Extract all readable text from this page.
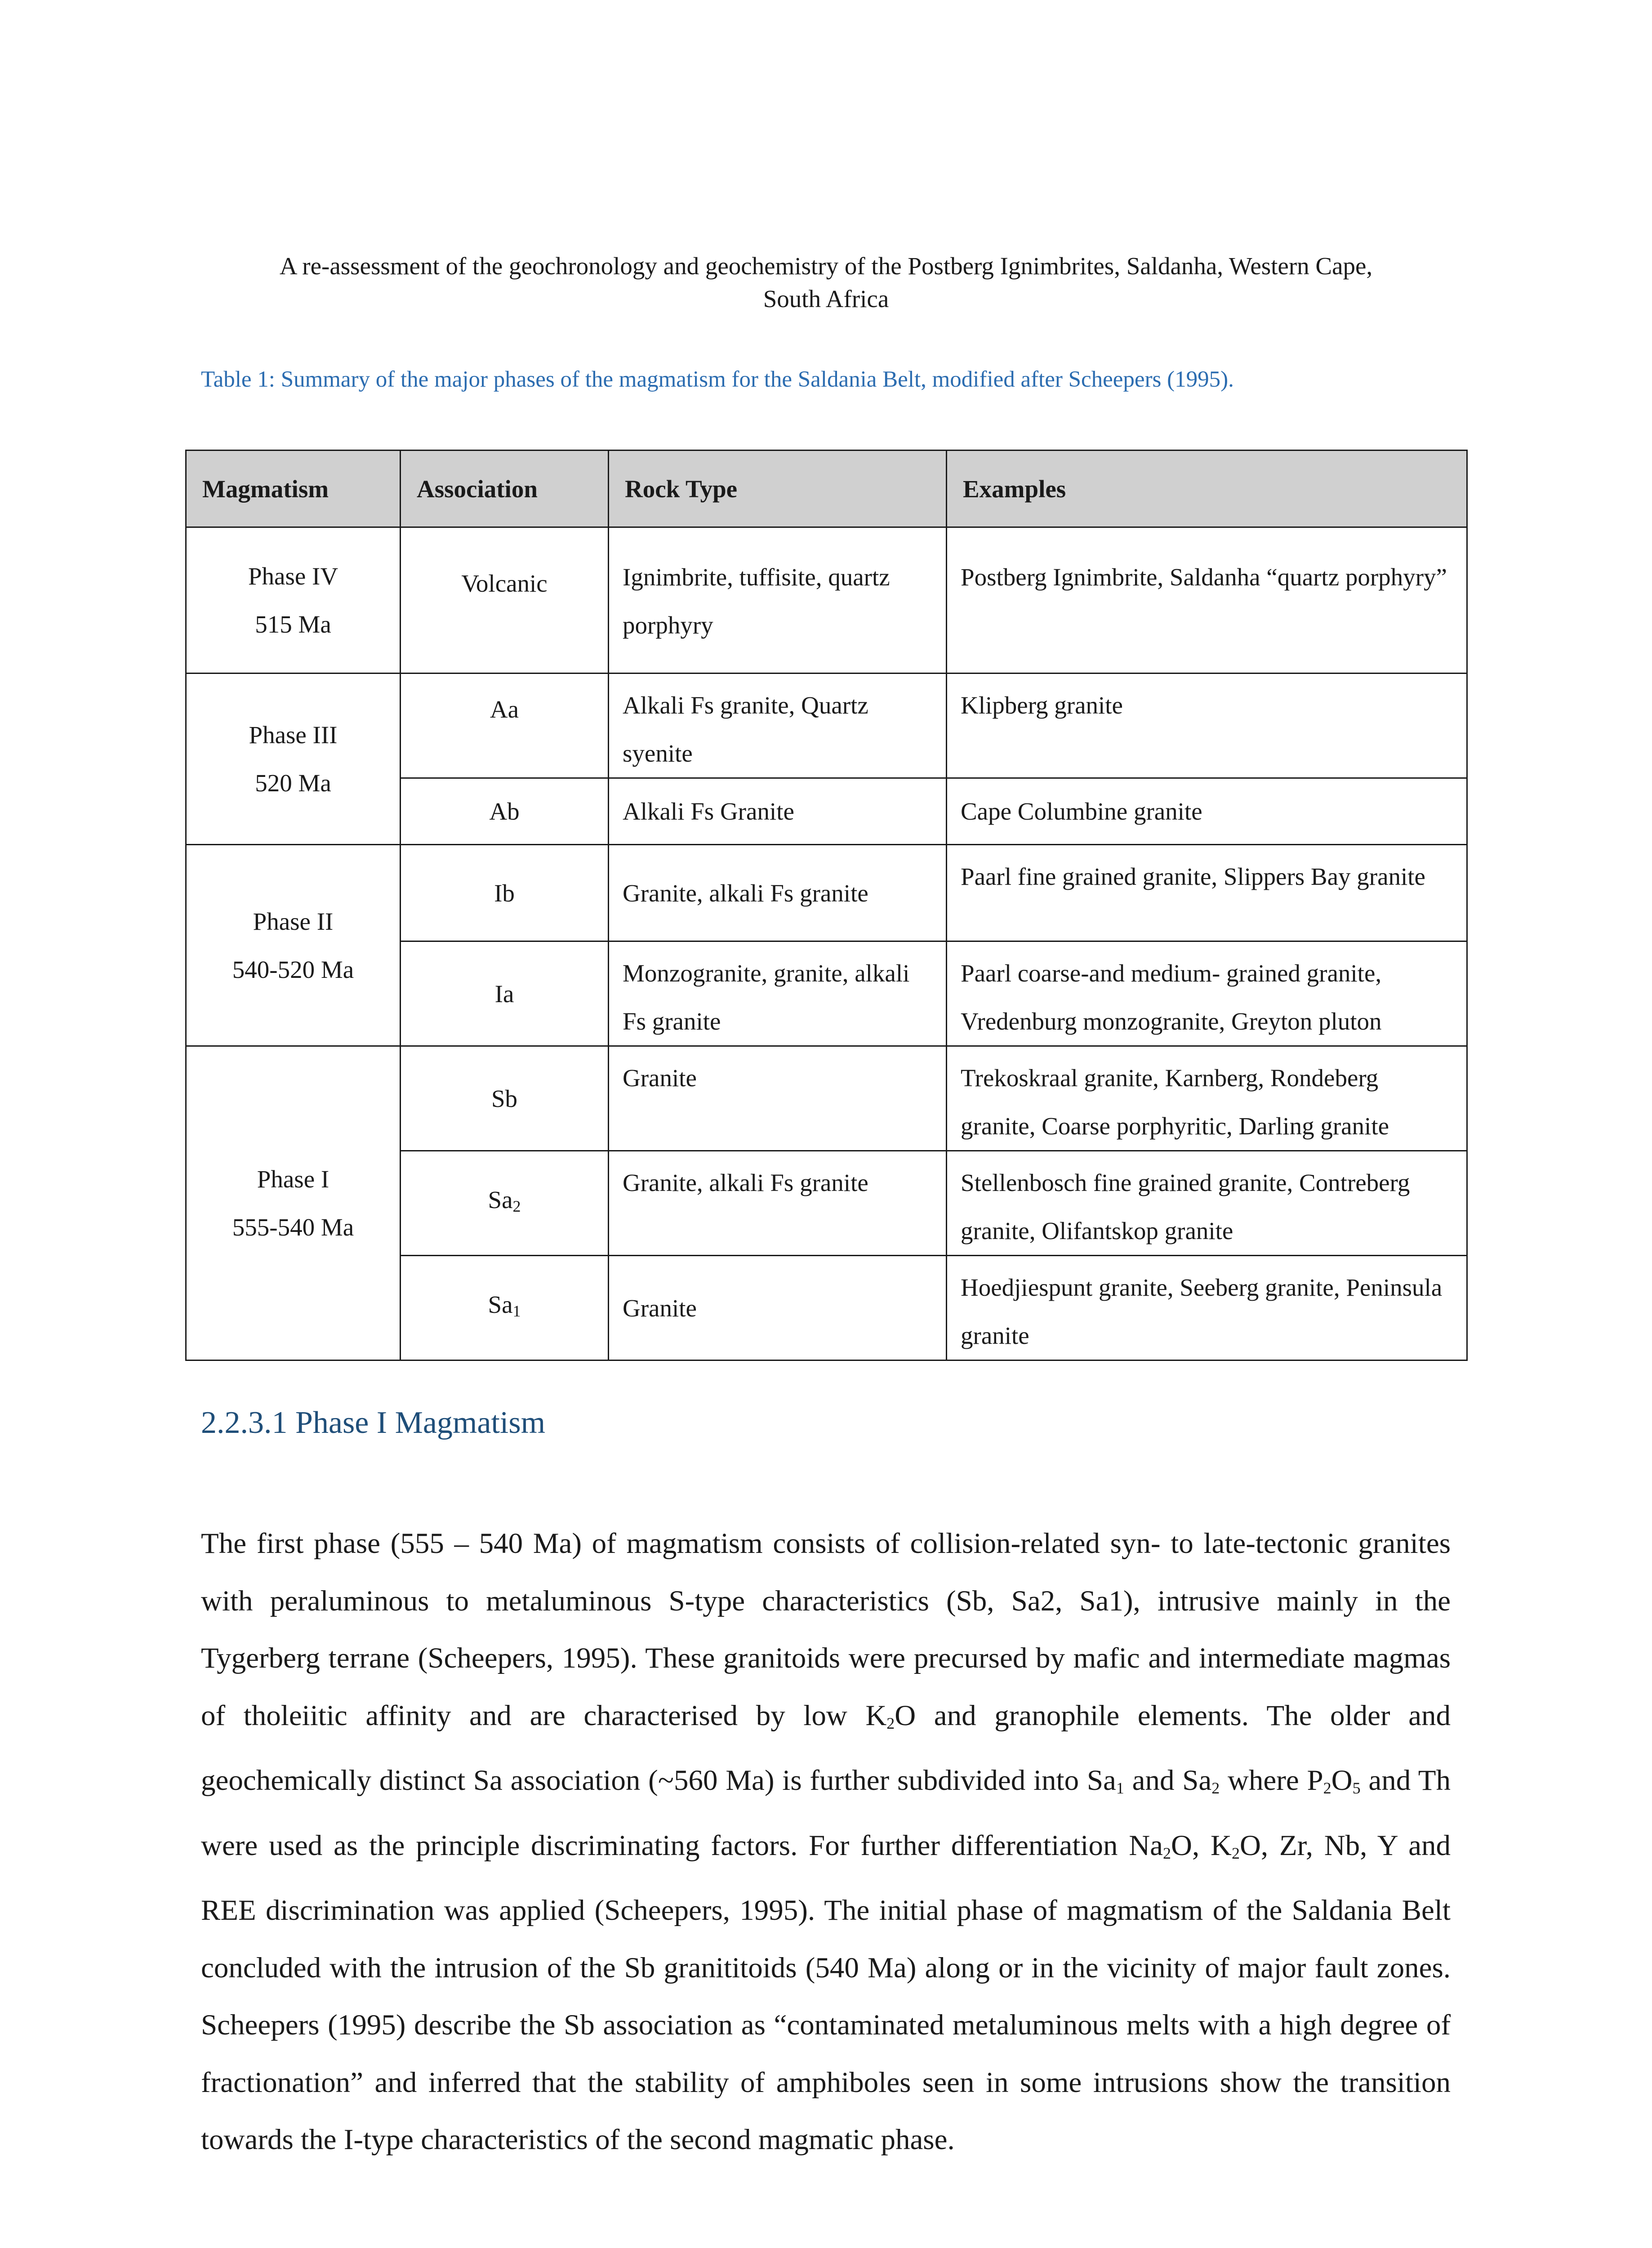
A re-assessment of the geochronology and geochemistry of the Postberg Ignimbrites, Saldanha, Western Cape,
South Africa
Table 1: Summary of the major phases of the magmatism for the Saldania Belt, modified after Scheepers (1995).
Magmatism	Association	Rock Type	Examples

Phase IV
515 Ma	Volcanic	Ignimbrite, tuffisite, quartz porphyry	Postberg Ignimbrite, Saldanha “quartz porphyry”

Phase III
520 Ma	Aa	Alkali Fs granite, Quartz syenite	Klipberg granite
	Ab	Alkali Fs Granite	Cape Columbine granite

Phase II
540-520 Ma	Ib	Granite, alkali Fs granite	Paarl fine grained granite, Slippers Bay granite
	Ia	Monzogranite, granite, alkali Fs granite	Paarl coarse-and medium- grained granite, Vredenburg monzogranite, Greyton pluton

Phase I
555-540 Ma	Sb	Granite	Trekoskraal granite, Karnberg, Rondeberg granite, Coarse porphyritic, Darling granite
	$Sa_2$	Granite, alkali Fs granite	Stellenbosch fine grained granite, Contreberg granite, Olifantskop granite
	$Sa_1$	Granite	Hoedjiespunt granite, Seeberg granite, Peninsula granite
2.2.3.1 Phase I Magmatism

The first phase (555 – 540 Ma) of magmatism consists of collision-related syn- to late-tectonic granites with peraluminous to metaluminous S-type characteristics (Sb, Sa2, Sa1), intrusive mainly in the Tygerberg terrane (Scheepers, 1995). These granitoids were precursed by mafic and intermediate magmas of tholeiitic affinity and are characterised by low $K_2O$ and granophile elements. The older and geochemically distinct Sa association (~560 Ma) is further subdivided into $Sa_1$ and $Sa_2$ where $P_2O_5$ and Th were used as the principle discriminating factors. For further differentiation $Na_2O$, $K_2O$, Zr, Nb, Y and REE discrimination was applied (Scheepers, 1995). The initial phase of magmatism of the Saldania Belt concluded with the intrusion of the Sb granititoids (540 Ma) along or in the vicinity of major fault zones. Scheepers (1995) describe the Sb association as “contaminated metaluminous melts with a high degree of fractionation” and inferred that the stability of amphiboles seen in some intrusions show the transition towards the I-type characteristics of the second magmatic phase.
